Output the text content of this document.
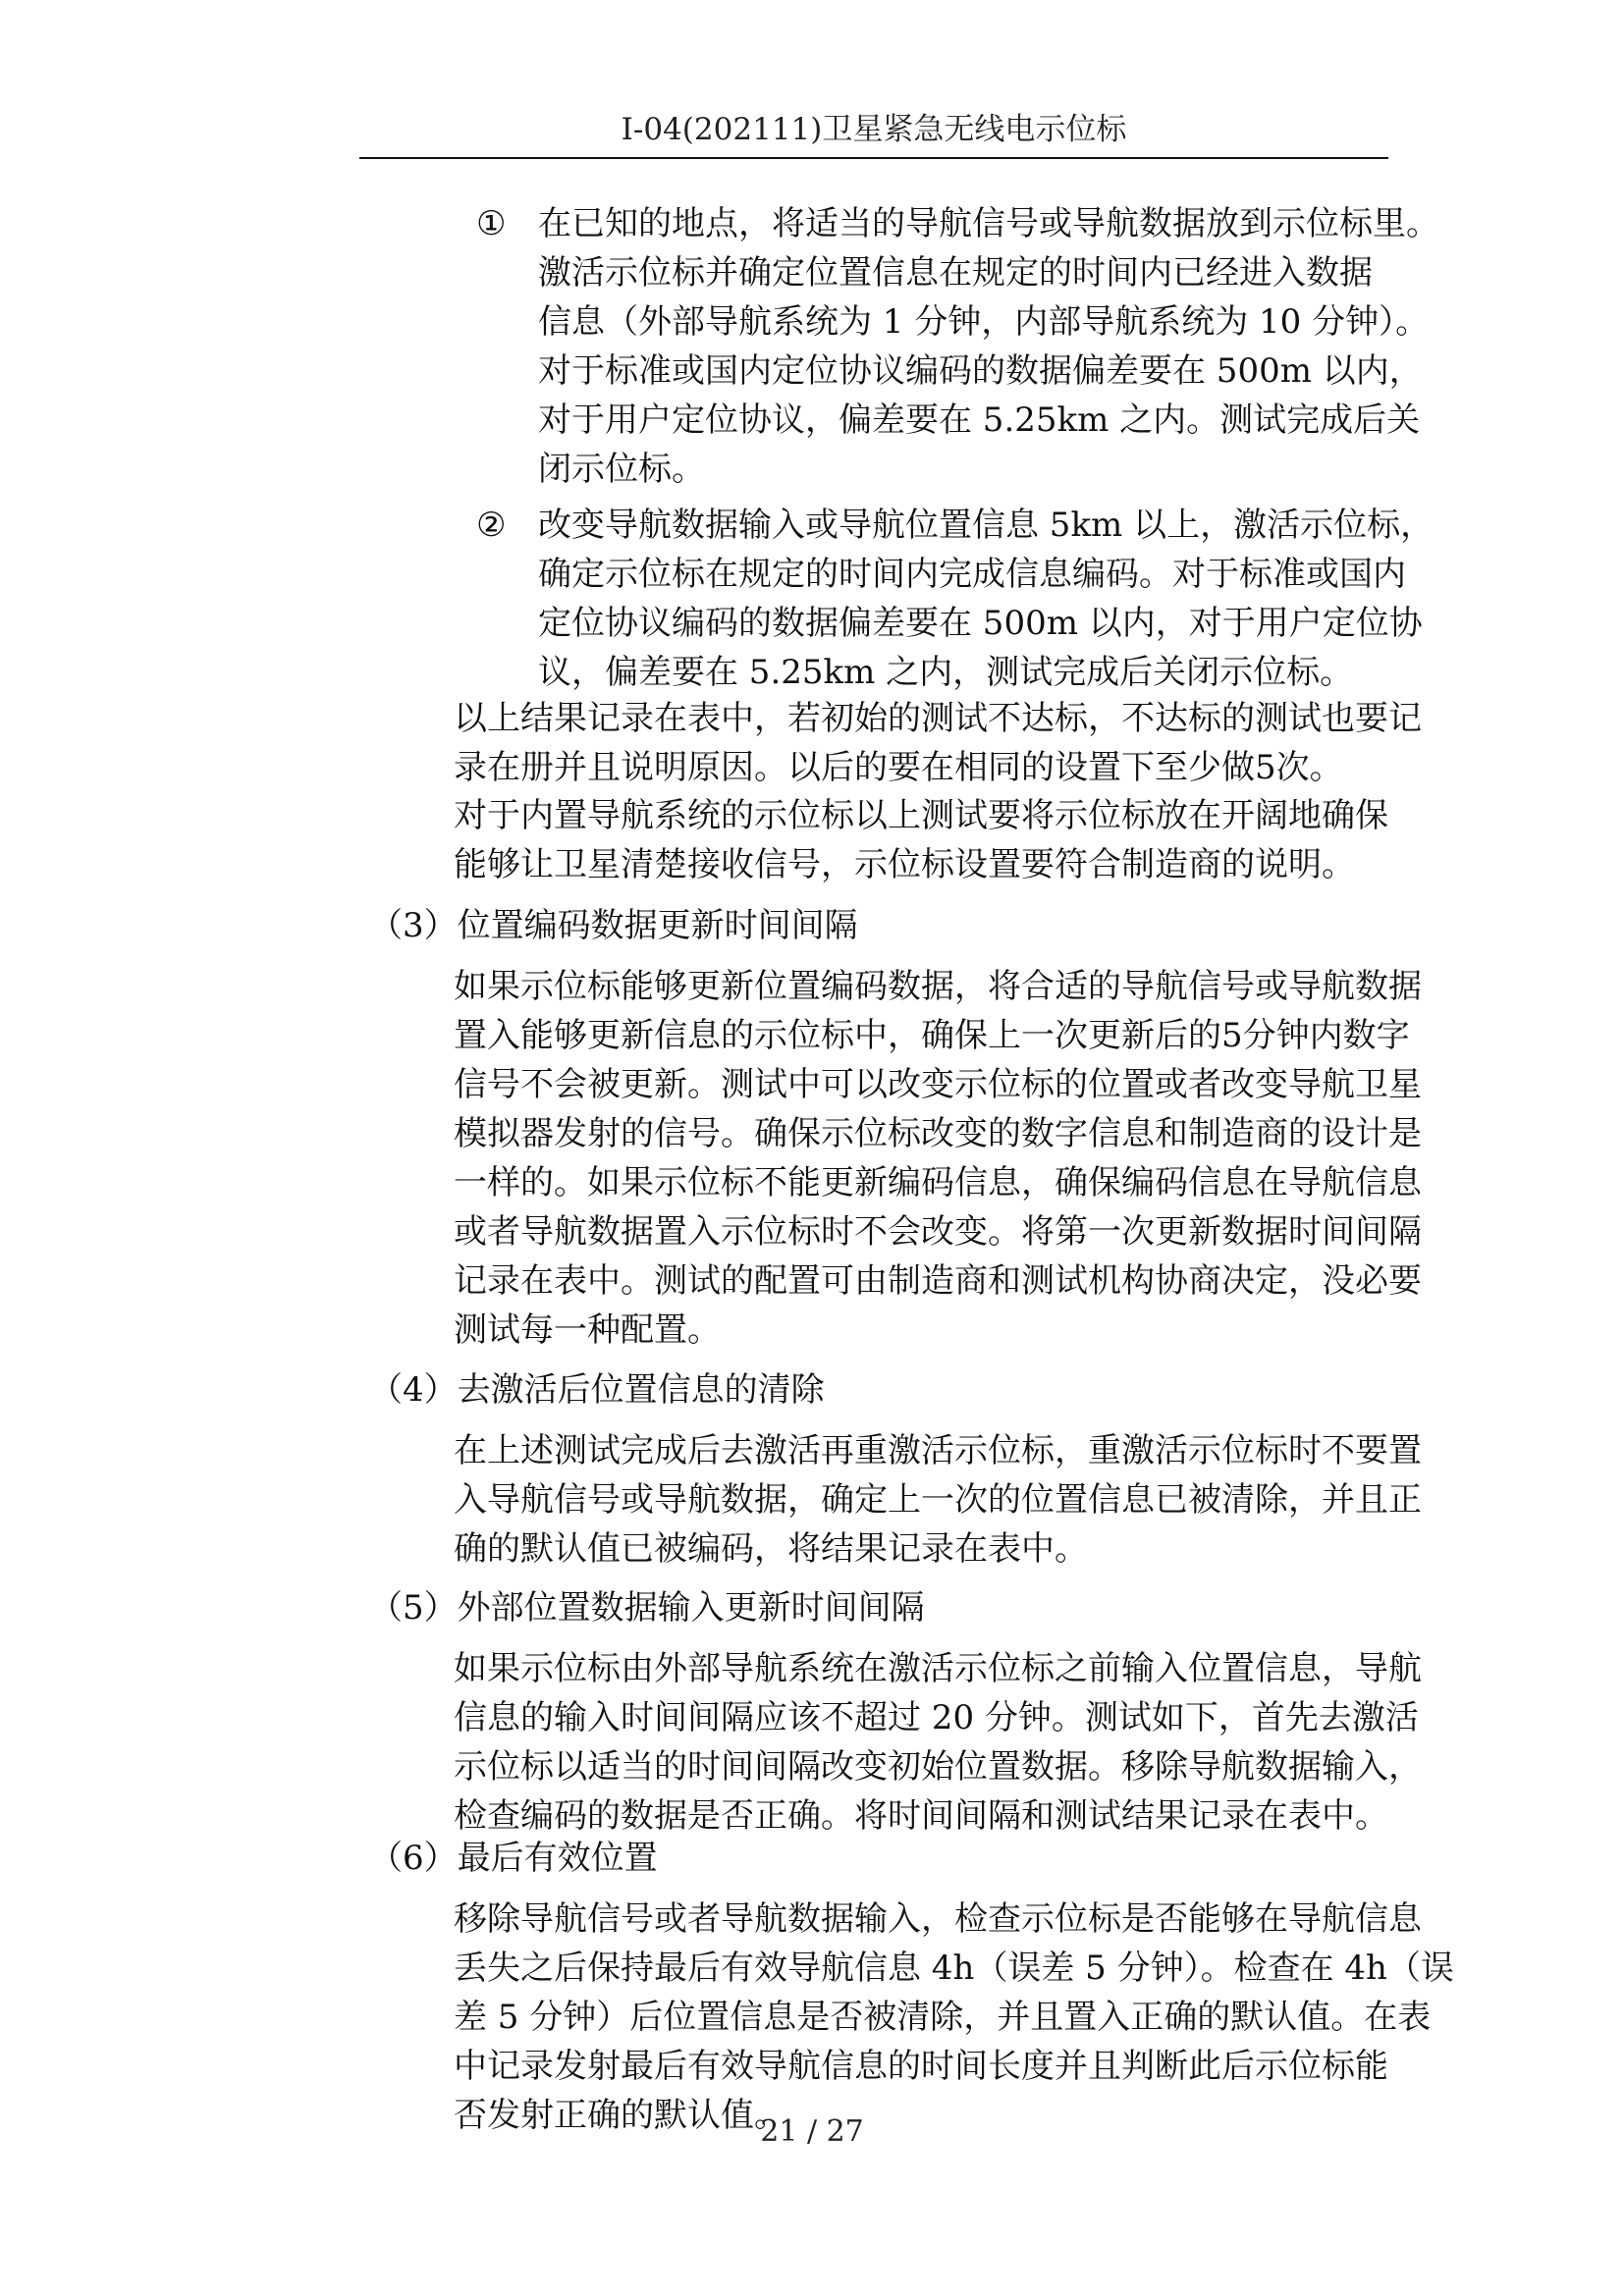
I-04(202111)卫星紧急无线电示位标
① 在已知的地点，将适当的导航信号或导航数据放到示位标里。
激活示位标并确定位置信息在规定的时间内已经进入数据
信息（外部导航系统为 1 分钟，内部导航系统为 10 分钟）。
对于标准或国内定位协议编码的数据偏差要在 500m 以内，
对于用户定位协议，偏差要在 5.25km 之内。测试完成后关
闭示位标。
② 改变导航数据输入或导航位置信息 5km 以上，激活示位标，
确定示位标在规定的时间内完成信息编码。对于标准或国内
定位协议编码的数据偏差要在 500m 以内，对于用户定位协
议，偏差要在 5.25km 之内，测试完成后关闭示位标。
以上结果记录在表中，若初始的测试不达标，不达标的测试也要记
录在册并且说明原因。以后的要在相同的设置下至少做5次。
对于内置导航系统的示位标以上测试要将示位标放在开阔地确保
能够让卫星清楚接收信号，示位标设置要符合制造商的说明。
（3）位置编码数据更新时间间隔
如果示位标能够更新位置编码数据，将合适的导航信号或导航数据
置入能够更新信息的示位标中，确保上一次更新后的5分钟内数字
信号不会被更新。测试中可以改变示位标的位置或者改变导航卫星
模拟器发射的信号。确保示位标改变的数字信息和制造商的设计是
一样的。如果示位标不能更新编码信息，确保编码信息在导航信息
或者导航数据置入示位标时不会改变。将第一次更新数据时间间隔
记录在表中。测试的配置可由制造商和测试机构协商决定，没必要
测试每一种配置。
（4）去激活后位置信息的清除
在上述测试完成后去激活再重激活示位标，重激活示位标时不要置
入导航信号或导航数据，确定上一次的位置信息已被清除，并且正
确的默认值已被编码，将结果记录在表中。
（5）外部位置数据输入更新时间间隔
如果示位标由外部导航系统在激活示位标之前输入位置信息，导航
信息的输入时间间隔应该不超过 20 分钟。测试如下，首先去激活
示位标以适当的时间间隔改变初始位置数据。移除导航数据输入，
检查编码的数据是否正确。将时间间隔和测试结果记录在表中。
（6）最后有效位置
移除导航信号或者导航数据输入，检查示位标是否能够在导航信息
丢失之后保持最后有效导航信息 4h（误差 5 分钟）。检查在 4h（误
差 5 分钟）后位置信息是否被清除，并且置入正确的默认值。在表
中记录发射最后有效导航信息的时间长度并且判断此后示位标能
否发射正确的默认值。
21 / 27
